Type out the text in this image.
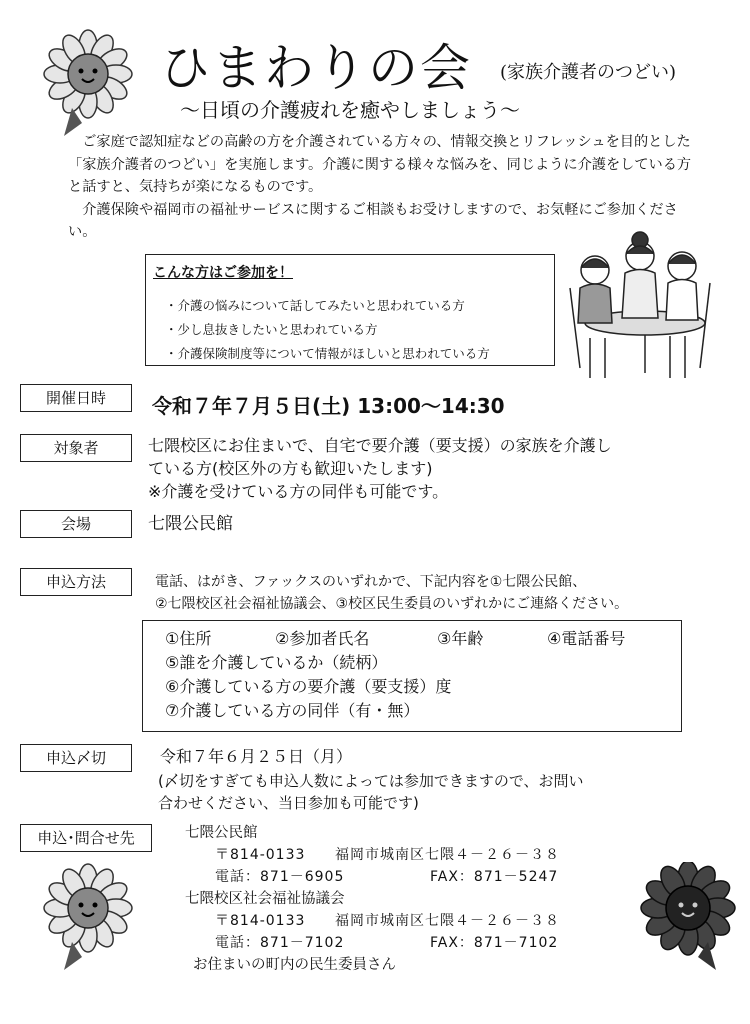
ひまわりの会 (家族介護者のつどい)
～日頃の介護疲れを癒やしましょう～

ご家庭で認知症などの高齢の方を介護されている方々の、情報交換とリフレッシュを目的とした「家族介護者のつどい」を実施します。介護に関する様々な悩みを、同じように介護をしている方と話すと、気持ちが楽になるものです。

介護保険や福岡市の福祉サービスに関するご相談もお受けしますので、お気軽にご参加ください。

こんな方はご参加を！
・ 介護の悩みについて話してみたいと思われている方
・ 少し息抜きしたいと思われている方
・ 介護保険制度等について情報がほしいと思われている方
開催日時	令和７年７月５日(土) 13:00～14:30
対象者	七隈校区にお住まいで、自宅で要介護（要支援）の家族を介護し
ている方(校区外の方も歓迎いたします)
※介護を受けている方の同伴も可能です。
会場	七隈公民館
申込方法	電話、はがき、ファックスのいずれかで、下記内容を①七隈公民館、
②七隈校区社会福祉協議会、③校区民生委員のいずれかにご連絡ください。
①住所	②参加者氏名	③年齢	④電話番号
⑤誰を介護しているか（続柄）
⑥介護している方の要介護（要支援）度
⑦介護している方の同伴（有・無）
申込〆切	令和７年６月２５日（月）
(〆切をすぎても申込人数によっては参加できますので、お問い
合わせください、当日参加も可能です)
申込･問合せ先	七隈公民館
〒814-0133 福岡市城南区七隈４－２６－３８
電話：871－6905	FAX：871－5247
七隈校区社会福祉協議会
〒814-0133 福岡市城南区七隈４－２６－３８
電話：871－7102	FAX：871－7102
お住まいの町内の民生委員さん
